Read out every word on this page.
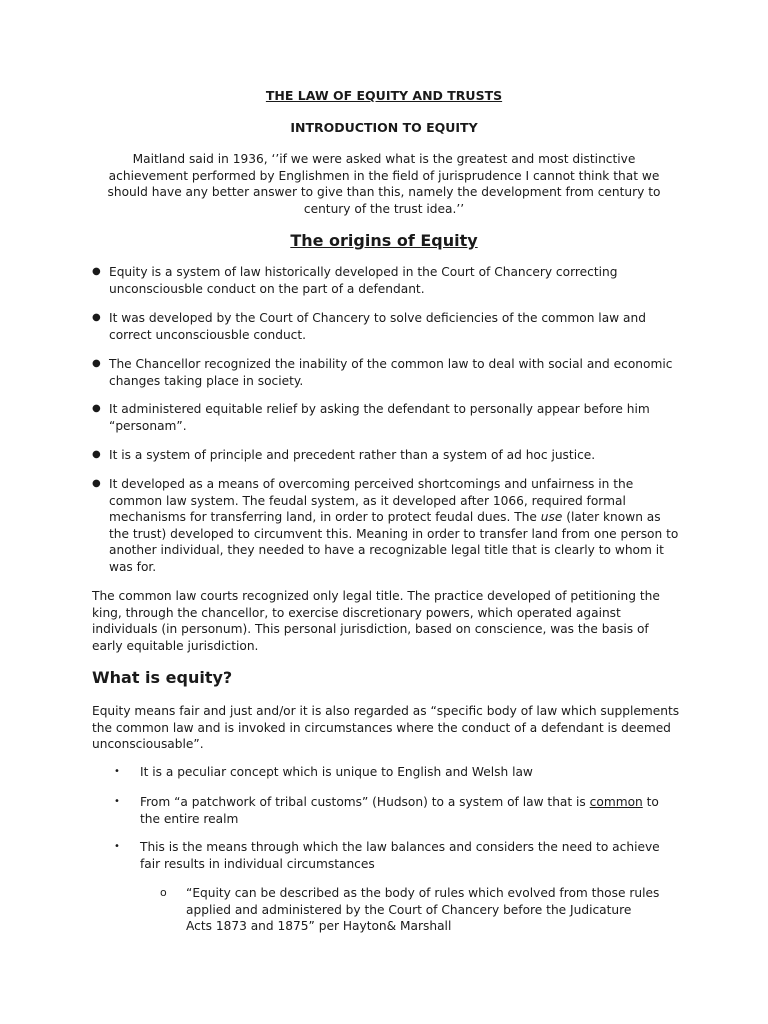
THE LAW OF EQUITY AND TRUSTS
INTRODUCTION TO EQUITY
Maitland said in 1936, ‘’if we were asked what is the greatest and most distinctive achievement performed by Englishmen in the field of jurisprudence I cannot think that we should have any better answer to give than this, namely the development from century to century of the trust idea.’’
The origins of Equity
● Equity is a system of law historically developed in the Court of Chancery correcting unconsciousble conduct on the part of a defendant.
● It was developed by the Court of Chancery to solve deficiencies of the common law and correct unconsciousble conduct.
● The Chancellor recognized the inability of the common law to deal with social and economic changes taking place in society.
● It administered equitable relief by asking the defendant to personally appear before him “personam”.
● It is a system of principle and precedent rather than a system of ad hoc justice.
● It developed as a means of overcoming perceived shortcomings and unfairness in the common law system. The feudal system, as it developed after 1066, required formal mechanisms for transferring land, in order to protect feudal dues. The use (later known as the trust) developed to circumvent this. Meaning in order to transfer land from one person to another individual, they needed to have a recognizable legal title that is clearly to whom it was for.
The common law courts recognized only legal title. The practice developed of petitioning the king, through the chancellor, to exercise discretionary powers, which operated against individuals (in personum). This personal jurisdiction, based on conscience, was the basis of early equitable jurisdiction.
What is equity?
Equity means fair and just and/or it is also regarded as “specific body of law which supplements the common law and is invoked in circumstances where the conduct of a defendant is deemed unconsciousable”.
• It is a peculiar concept which is unique to English and Welsh law
• From “a patchwork of tribal customs” (Hudson) to a system of law that is common to the entire realm
• This is the means through which the law balances and considers the need to achieve fair results in individual circumstances
o “Equity can be described as the body of rules which evolved from those rules applied and administered by the Court of Chancery before the Judicature Acts 1873 and 1875” per Hayton& Marshall
